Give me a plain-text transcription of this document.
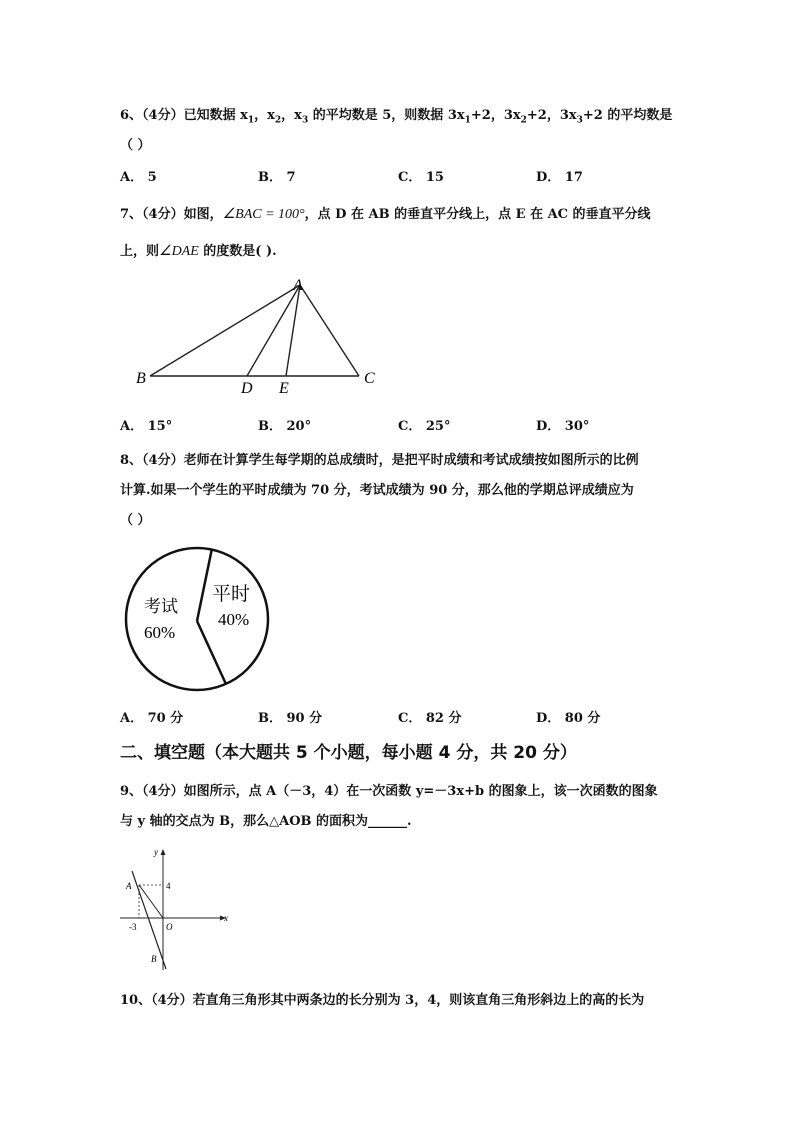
6、（4分）已知数据 $x_1$，$x_2$，$x_3$ 的平均数是 5，则数据 $3x_1+2$，$3x_2+2$，$3x_3+2$ 的平均数是
（ ）
A． 5	B． 7	C． 15	D． 17
7、（4分）如图，∠BAC = 100°，点 D 在 AB 的垂直平分线上，点 E 在 AC 的垂直平分线
上，则∠DAE 的度数是( ).
A
B	C
D E
A． 15°	B． 20°	C． 25°	D． 30°
8、（4分）老师在计算学生每学期的总成绩时，是把平时成绩和考试成绩按如图所示的比例
计算.如果一个学生的平时成绩为 70 分，考试成绩为 90 分，那么他的学期总评成绩应为
（ ）
考试
60%
平时
40%
A． 70 分	B． 90 分	C． 82 分	D． 80 分
二、填空题（本大题共 5 个小题，每小题 4 分，共 20 分）
9、（4分）如图所示，点 A（－3，4）在一次函数 y=－3x+b 的图象上，该一次函数的图象
与 y 轴的交点为 B，那么△AOB 的面积为______.
y
x
A	4
-3	O
B
10、（4分）若直角三角形其中两条边的长分别为 3，4，则该直角三角形斜边上的高的长为
